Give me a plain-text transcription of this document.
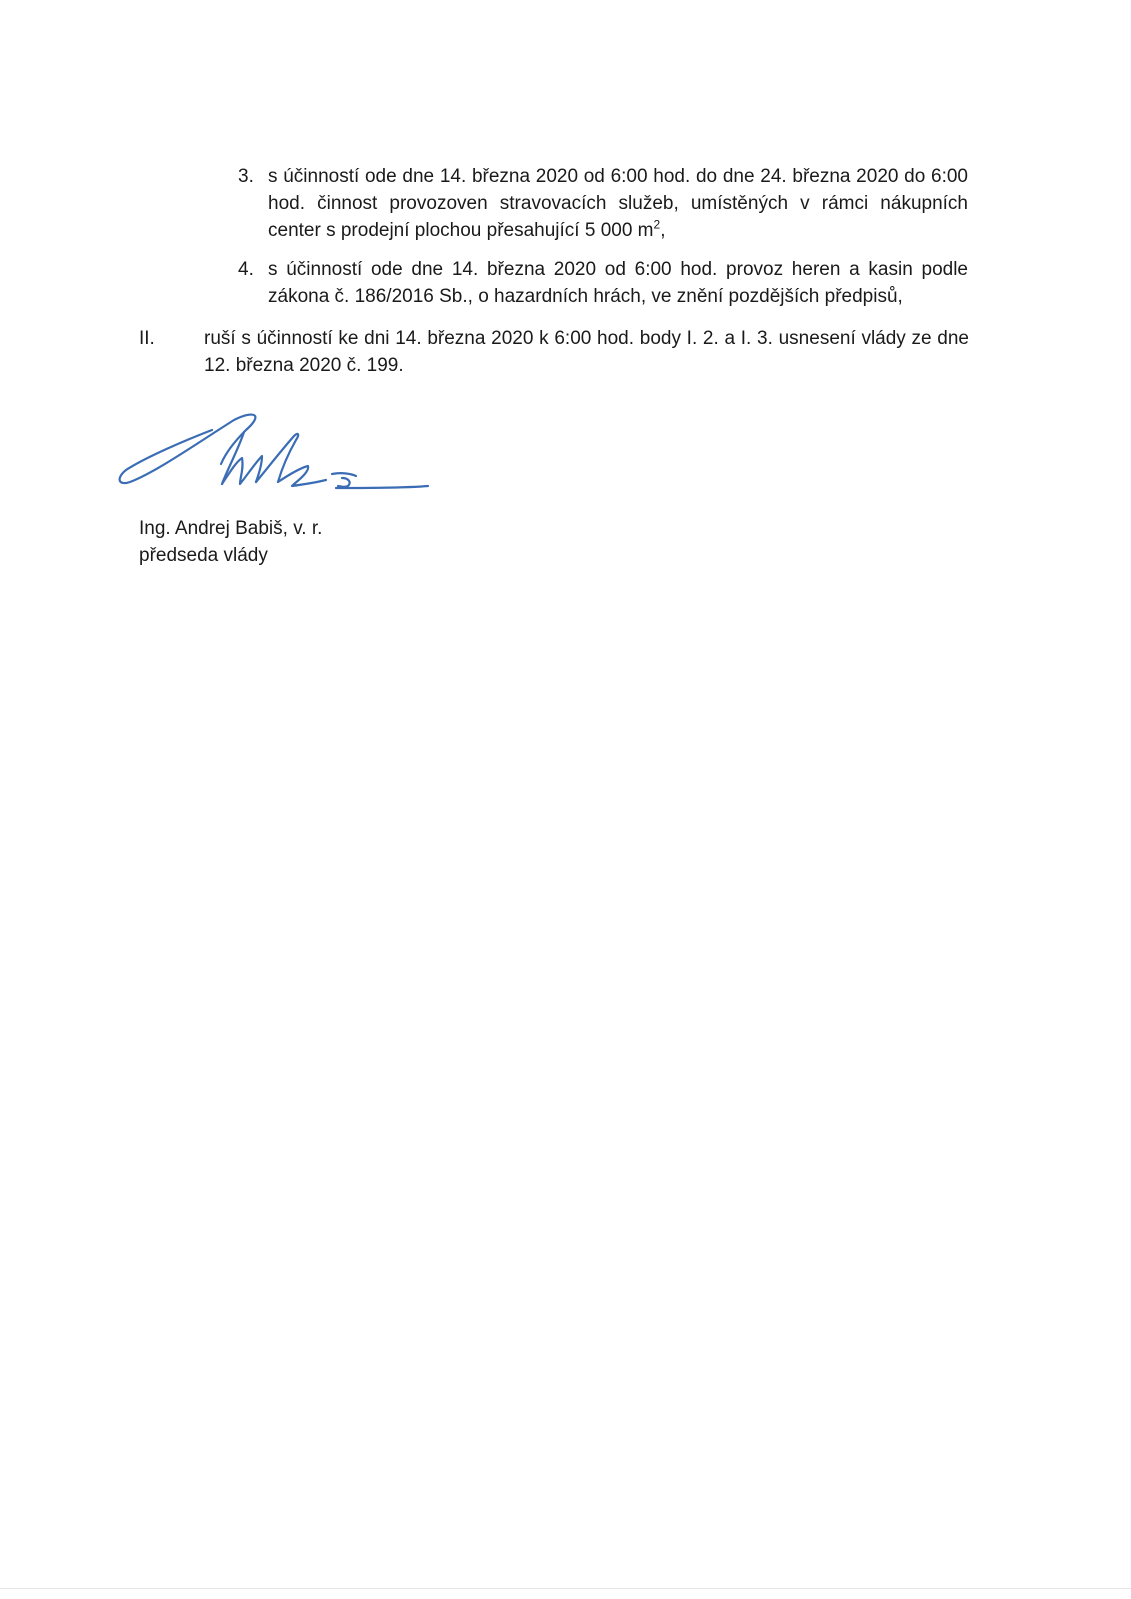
3. s účinností ode dne 14. března 2020 od 6:00 hod. do dne 24. března 2020 do 6:00 hod. činnost provozoven stravovacích služeb, umístěných v rámci nákupních center s prodejní plochou přesahující 5 000 $m^2$,
4. s účinností ode dne 14. března 2020 od 6:00 hod. provoz heren a kasin podle zákona č. 186/2016 Sb., o hazardních hrách, ve znění pozdějších předpisů,
II.	ruší s účinností ke dni 14. března 2020 k 6:00 hod. body I. 2. a I. 3. usnesení vlády ze dne 12. března 2020 č. 199.
Ing. Andrej Babiš, v. r.
předseda vlády
